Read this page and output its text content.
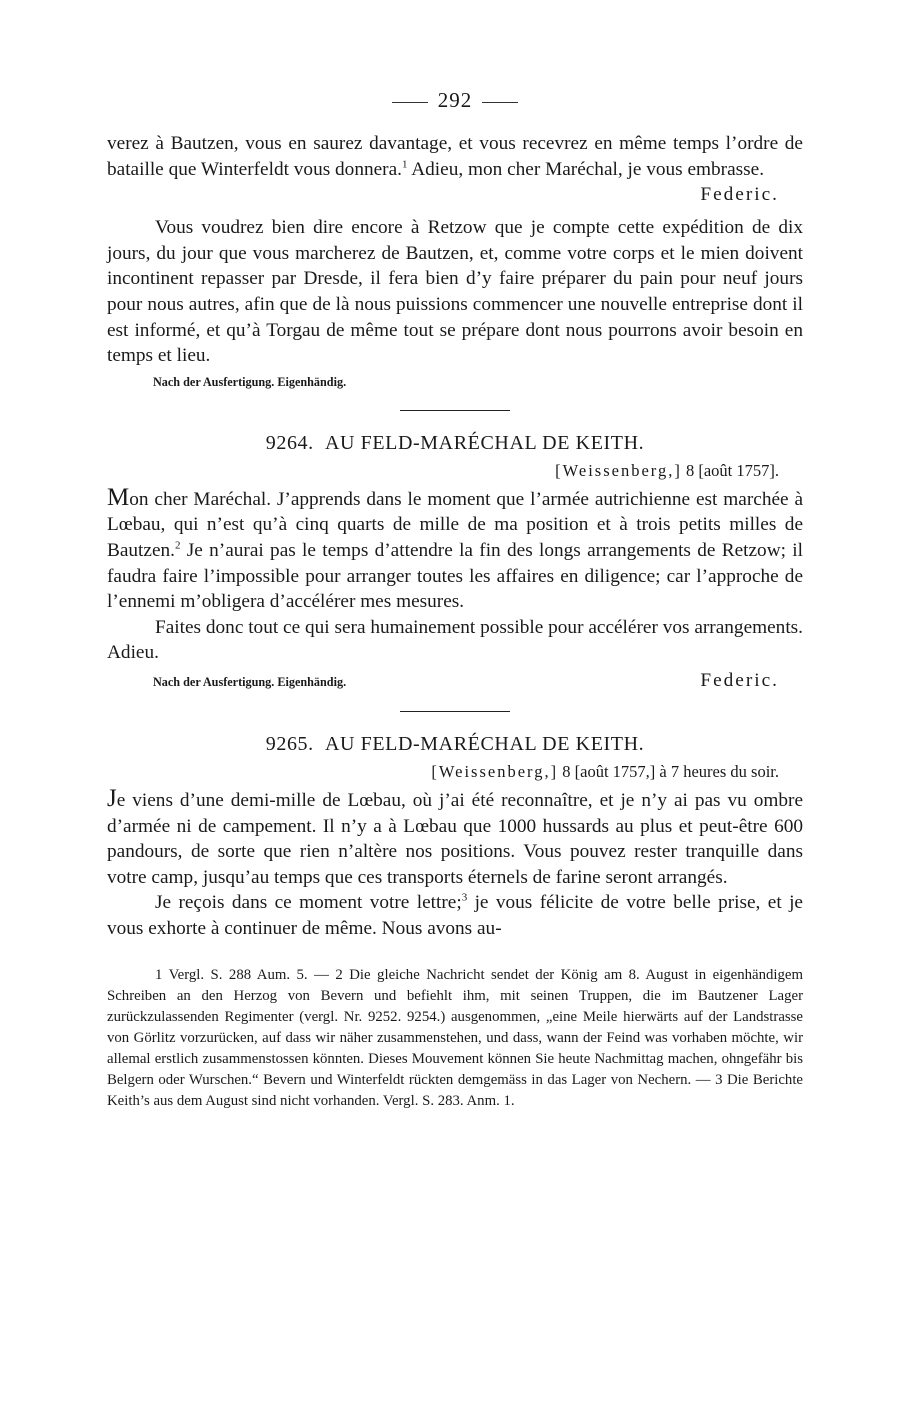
292

verez à Bautzen, vous en saurez davantage, et vous recevrez en même temps l’ordre de bataille que Winterfeldt vous donnera.$^1$ Adieu, mon cher Maréchal, je vous embrasse.

Federic.

Vous voudrez bien dire encore à Retzow que je compte cette expédition de dix jours, du jour que vous marcherez de Bautzen, et, comme votre corps et le mien doivent incontinent repasser par Dresde, il fera bien d’y faire préparer du pain pour neuf jours pour nous autres, afin que de là nous puissions commencer une nouvelle entreprise dont il est informé, et qu’à Torgau de même tout se prépare dont nous pourrons avoir besoin en temps et lieu.

Nach der Ausfertigung. Eigenhändig.
9264. AU FELD-MARÉCHAL DE KEITH.
[Weissenberg,] 8 [août 1757].

Mon cher Maréchal. J’apprends dans le moment que l’armée autrichienne est marchée à Lœbau, qui n’est qu’à cinq quarts de mille de ma position et à trois petits milles de Bautzen.$^2$ Je n’aurai pas le temps d’attendre la fin des longs arrangements de Retzow; il faudra faire l’impossible pour arranger toutes les affaires en diligence; car l’approche de l’ennemi m’obligera d’accélérer mes mesures.

Faites donc tout ce qui sera humainement possible pour accélérer vos arrangements. Adieu.

Nach der Ausfertigung. Eigenhändig.	Federic.
9265. AU FELD-MARÉCHAL DE KEITH.
[Weissenberg,] 8 [août 1757,] à 7 heures du soir.

Je viens d’une demi-mille de Lœbau, où j’ai été reconnaître, et je n’y ai pas vu ombre d’armée ni de campement. Il n’y a à Lœbau que 1000 hussards au plus et peut-être 600 pandours, de sorte que rien n’altère nos positions. Vous pouvez rester tranquille dans votre camp, jusqu’au temps que ces transports éternels de farine seront arrangés.

Je reçois dans ce moment votre lettre;$^3$ je vous félicite de votre belle prise, et je vous exhorte à continuer de même. Nous avons au-

1 Vergl. S. 288 Aum. 5. — 2 Die gleiche Nachricht sendet der König am 8. August in eigenhändigem Schreiben an den Herzog von Bevern und befiehlt ihm, mit seinen Truppen, die im Bautzener Lager zurückzulassenden Regimenter (vergl. Nr. 9252. 9254.) ausgenommen, „eine Meile hierwärts auf der Landstrasse von Görlitz vorzurücken, auf dass wir näher zusammenstehen, und dass, wann der Feind was vorhaben möchte, wir allemal erstlich zusammenstossen könnten. Dieses Mouvement können Sie heute Nachmittag machen, ohngefähr bis Belgern oder Wurschen.“ Bevern und Winterfeldt rückten demgemäss in das Lager von Nechern. — 3 Die Berichte Keith’s aus dem August sind nicht vorhanden. Vergl. S. 283. Anm. 1.
